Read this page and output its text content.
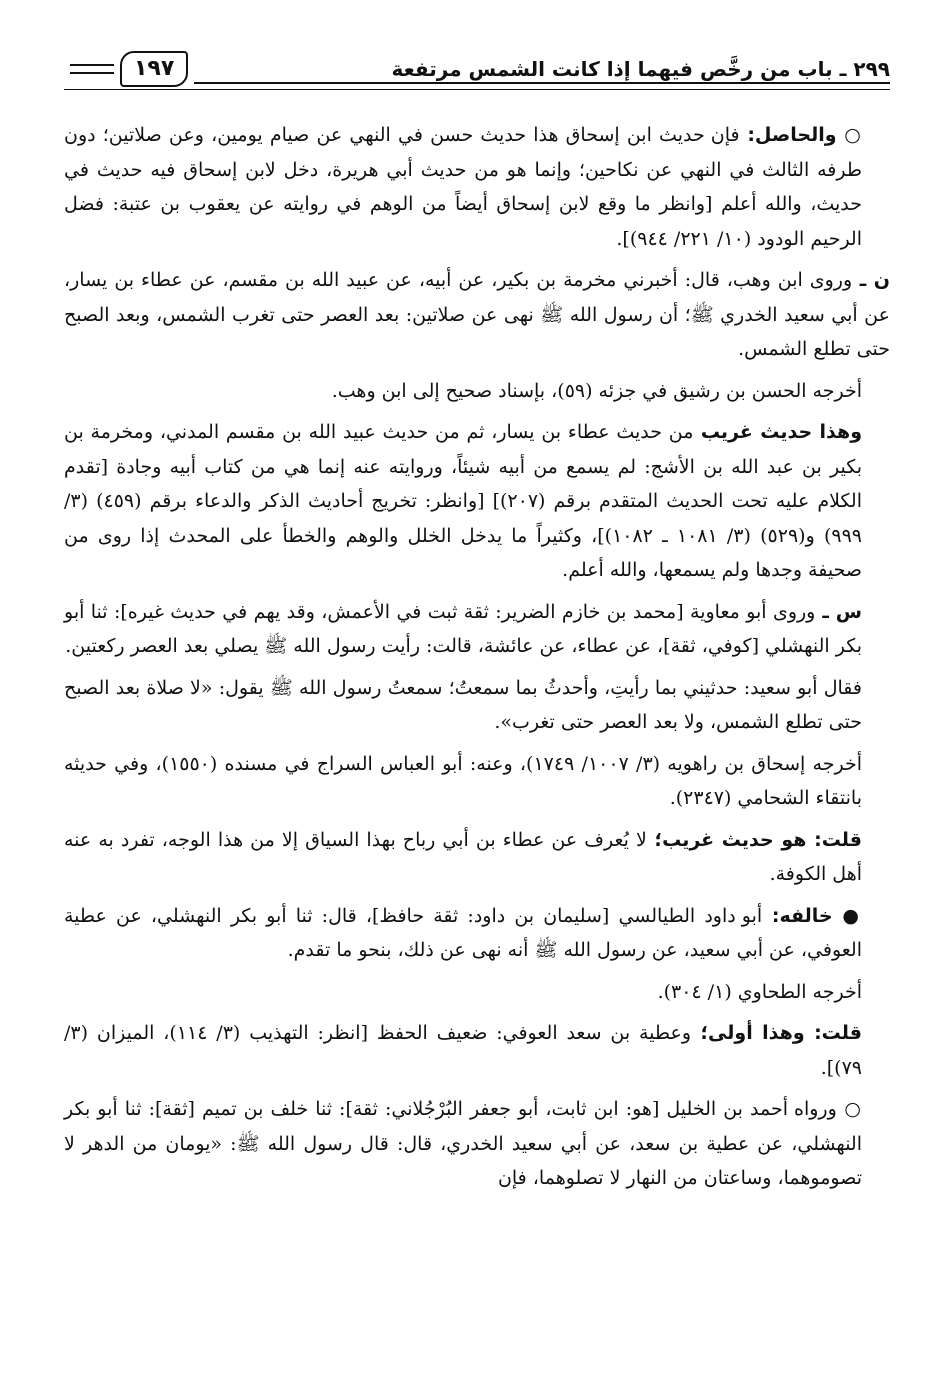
٢٩٩ ـ باب من رخَّص فيهما إذا كانت الشمس مرتفعة
١٩٧

○ والحاصل: فإن حديث ابن إسحاق هذا حديث حسن في النهي عن صيام يومين، وعن صلاتين؛ دون طرفه الثالث في النهي عن نكاحين؛ وإنما هو من حديث أبي هريرة، دخل لابن إسحاق فيه حديث في حديث، والله أعلم [وانظر ما وقع لابن إسحاق أيضاً من الوهم في روايته عن يعقوب بن عتبة: فضل الرحيم الودود (١٠/ ٢٢١/ ٩٤٤)].

ن ـ وروى ابن وهب، قال: أخبرني مخرمة بن بكير، عن أبيه، عن عبيد الله بن مقسم، عن عطاء بن يسار، عن أبي سعيد الخدري ﷺ؛ أن رسول الله ﷺ نهى عن صلاتين: بعد العصر حتى تغرب الشمس، وبعد الصبح حتى تطلع الشمس.

أخرجه الحسن بن رشيق في جزئه (٥٩)، بإسناد صحيح إلى ابن وهب.

وهذا حديث غريب من حديث عطاء بن يسار، ثم من حديث عبيد الله بن مقسم المدني، ومخرمة بن بكير بن عبد الله بن الأشج: لم يسمع من أبيه شيئاً، وروايته عنه إنما هي من كتاب أبيه وجادة [تقدم الكلام عليه تحت الحديث المتقدم برقم (٢٠٧)] [وانظر: تخريج أحاديث الذكر والدعاء برقم (٤٥٩) (٣/ ٩٩٩) و(٥٢٩) (٣/ ١٠٨١ ـ ١٠٨٢)]، وكثيراً ما يدخل الخلل والوهم والخطأ على المحدث إذا روى من صحيفة وجدها ولم يسمعها، والله أعلم.

س ـ وروى أبو معاوية [محمد بن خازم الضرير: ثقة ثبت في الأعمش، وقد يهم في حديث غيره]: ثنا أبو بكر النهشلي [كوفي، ثقة]، عن عطاء، عن عائشة، قالت: رأيت رسول الله ﷺ يصلي بعد العصر ركعتين.

فقال أبو سعيد: حدثيني بما رأيتِ، وأحدثُ بما سمعتُ؛ سمعتُ رسول الله ﷺ يقول: «لا صلاة بعد الصبح حتى تطلع الشمس، ولا بعد العصر حتى تغرب».

أخرجه إسحاق بن راهويه (٣/ ١٠٠٧/ ١٧٤٩)، وعنه: أبو العباس السراج في مسنده (١٥٥٠)، وفي حديثه بانتقاء الشحامي (٢٣٤٧).

قلت: هو حديث غريب؛ لا يُعرف عن عطاء بن أبي رباح بهذا السياق إلا من هذا الوجه، تفرد به عنه أهل الكوفة.

● خالفه: أبو داود الطيالسي [سليمان بن داود: ثقة حافظ]، قال: ثنا أبو بكر النهشلي، عن عطية العوفي، عن أبي سعيد، عن رسول الله ﷺ أنه نهى عن ذلك، بنحو ما تقدم.

أخرجه الطحاوي (١/ ٣٠٤).

قلت: وهذا أولى؛ وعطية بن سعد العوفي: ضعيف الحفظ [انظر: التهذيب (٣/ ١١٤)، الميزان (٣/ ٧٩)].

○ ورواه أحمد بن الخليل [هو: ابن ثابت، أبو جعفر البُرْجُلاني: ثقة]: ثنا خلف بن تميم [ثقة]: ثنا أبو بكر النهشلي، عن عطية بن سعد، عن أبي سعيد الخدري، قال: قال رسول الله ﷺ: «يومان من الدهر لا تصوموهما، وساعتان من النهار لا تصلوهما، فإن
